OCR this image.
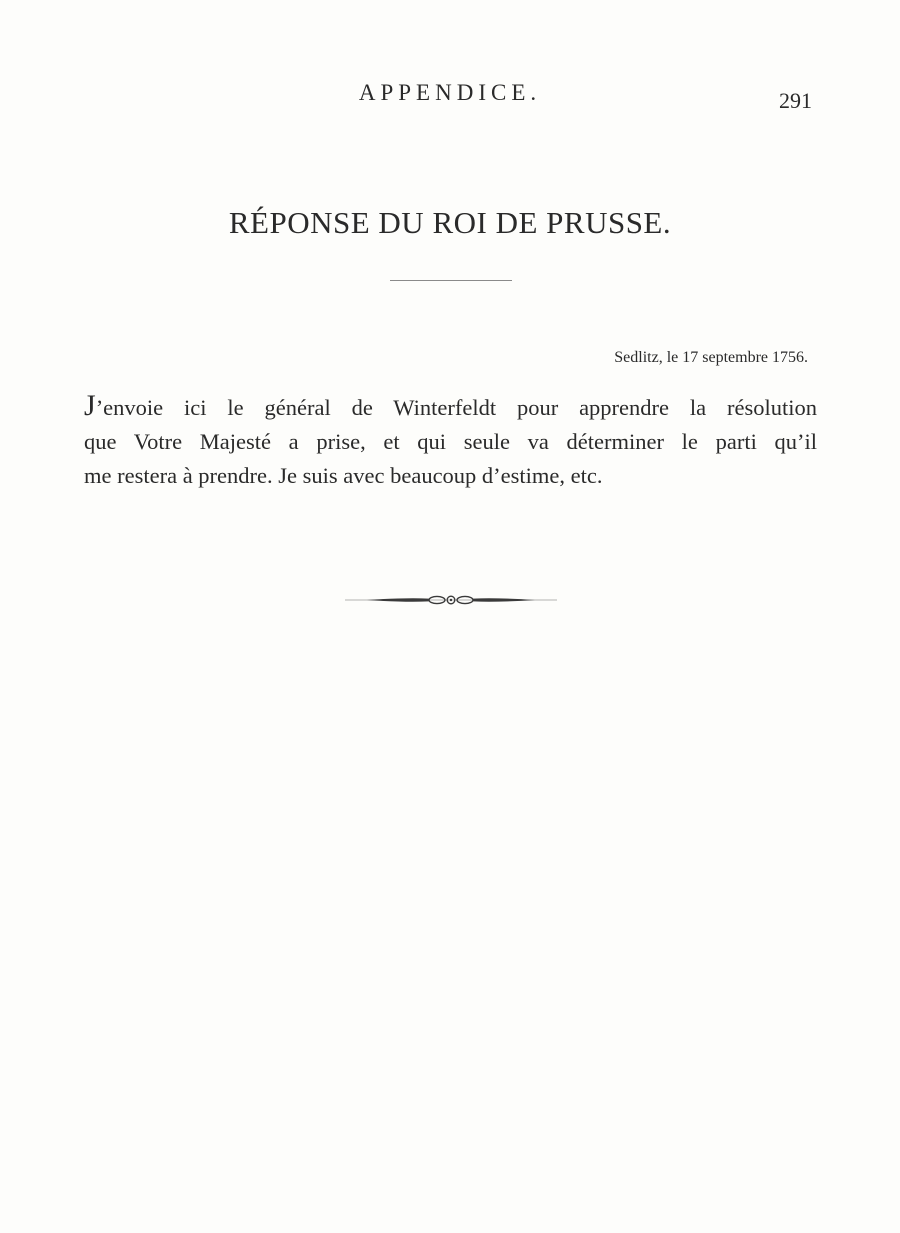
APPENDICE.	291
RÉPONSE DU ROI DE PRUSSE.
Sedlitz, le 17 septembre 1756.

J’envoie ici le général de Winterfeldt pour apprendre la résolution
que Votre Majesté a prise, et qui seule va déterminer le parti qu’il
me restera à prendre. Je suis avec beaucoup d’estime, etc.
